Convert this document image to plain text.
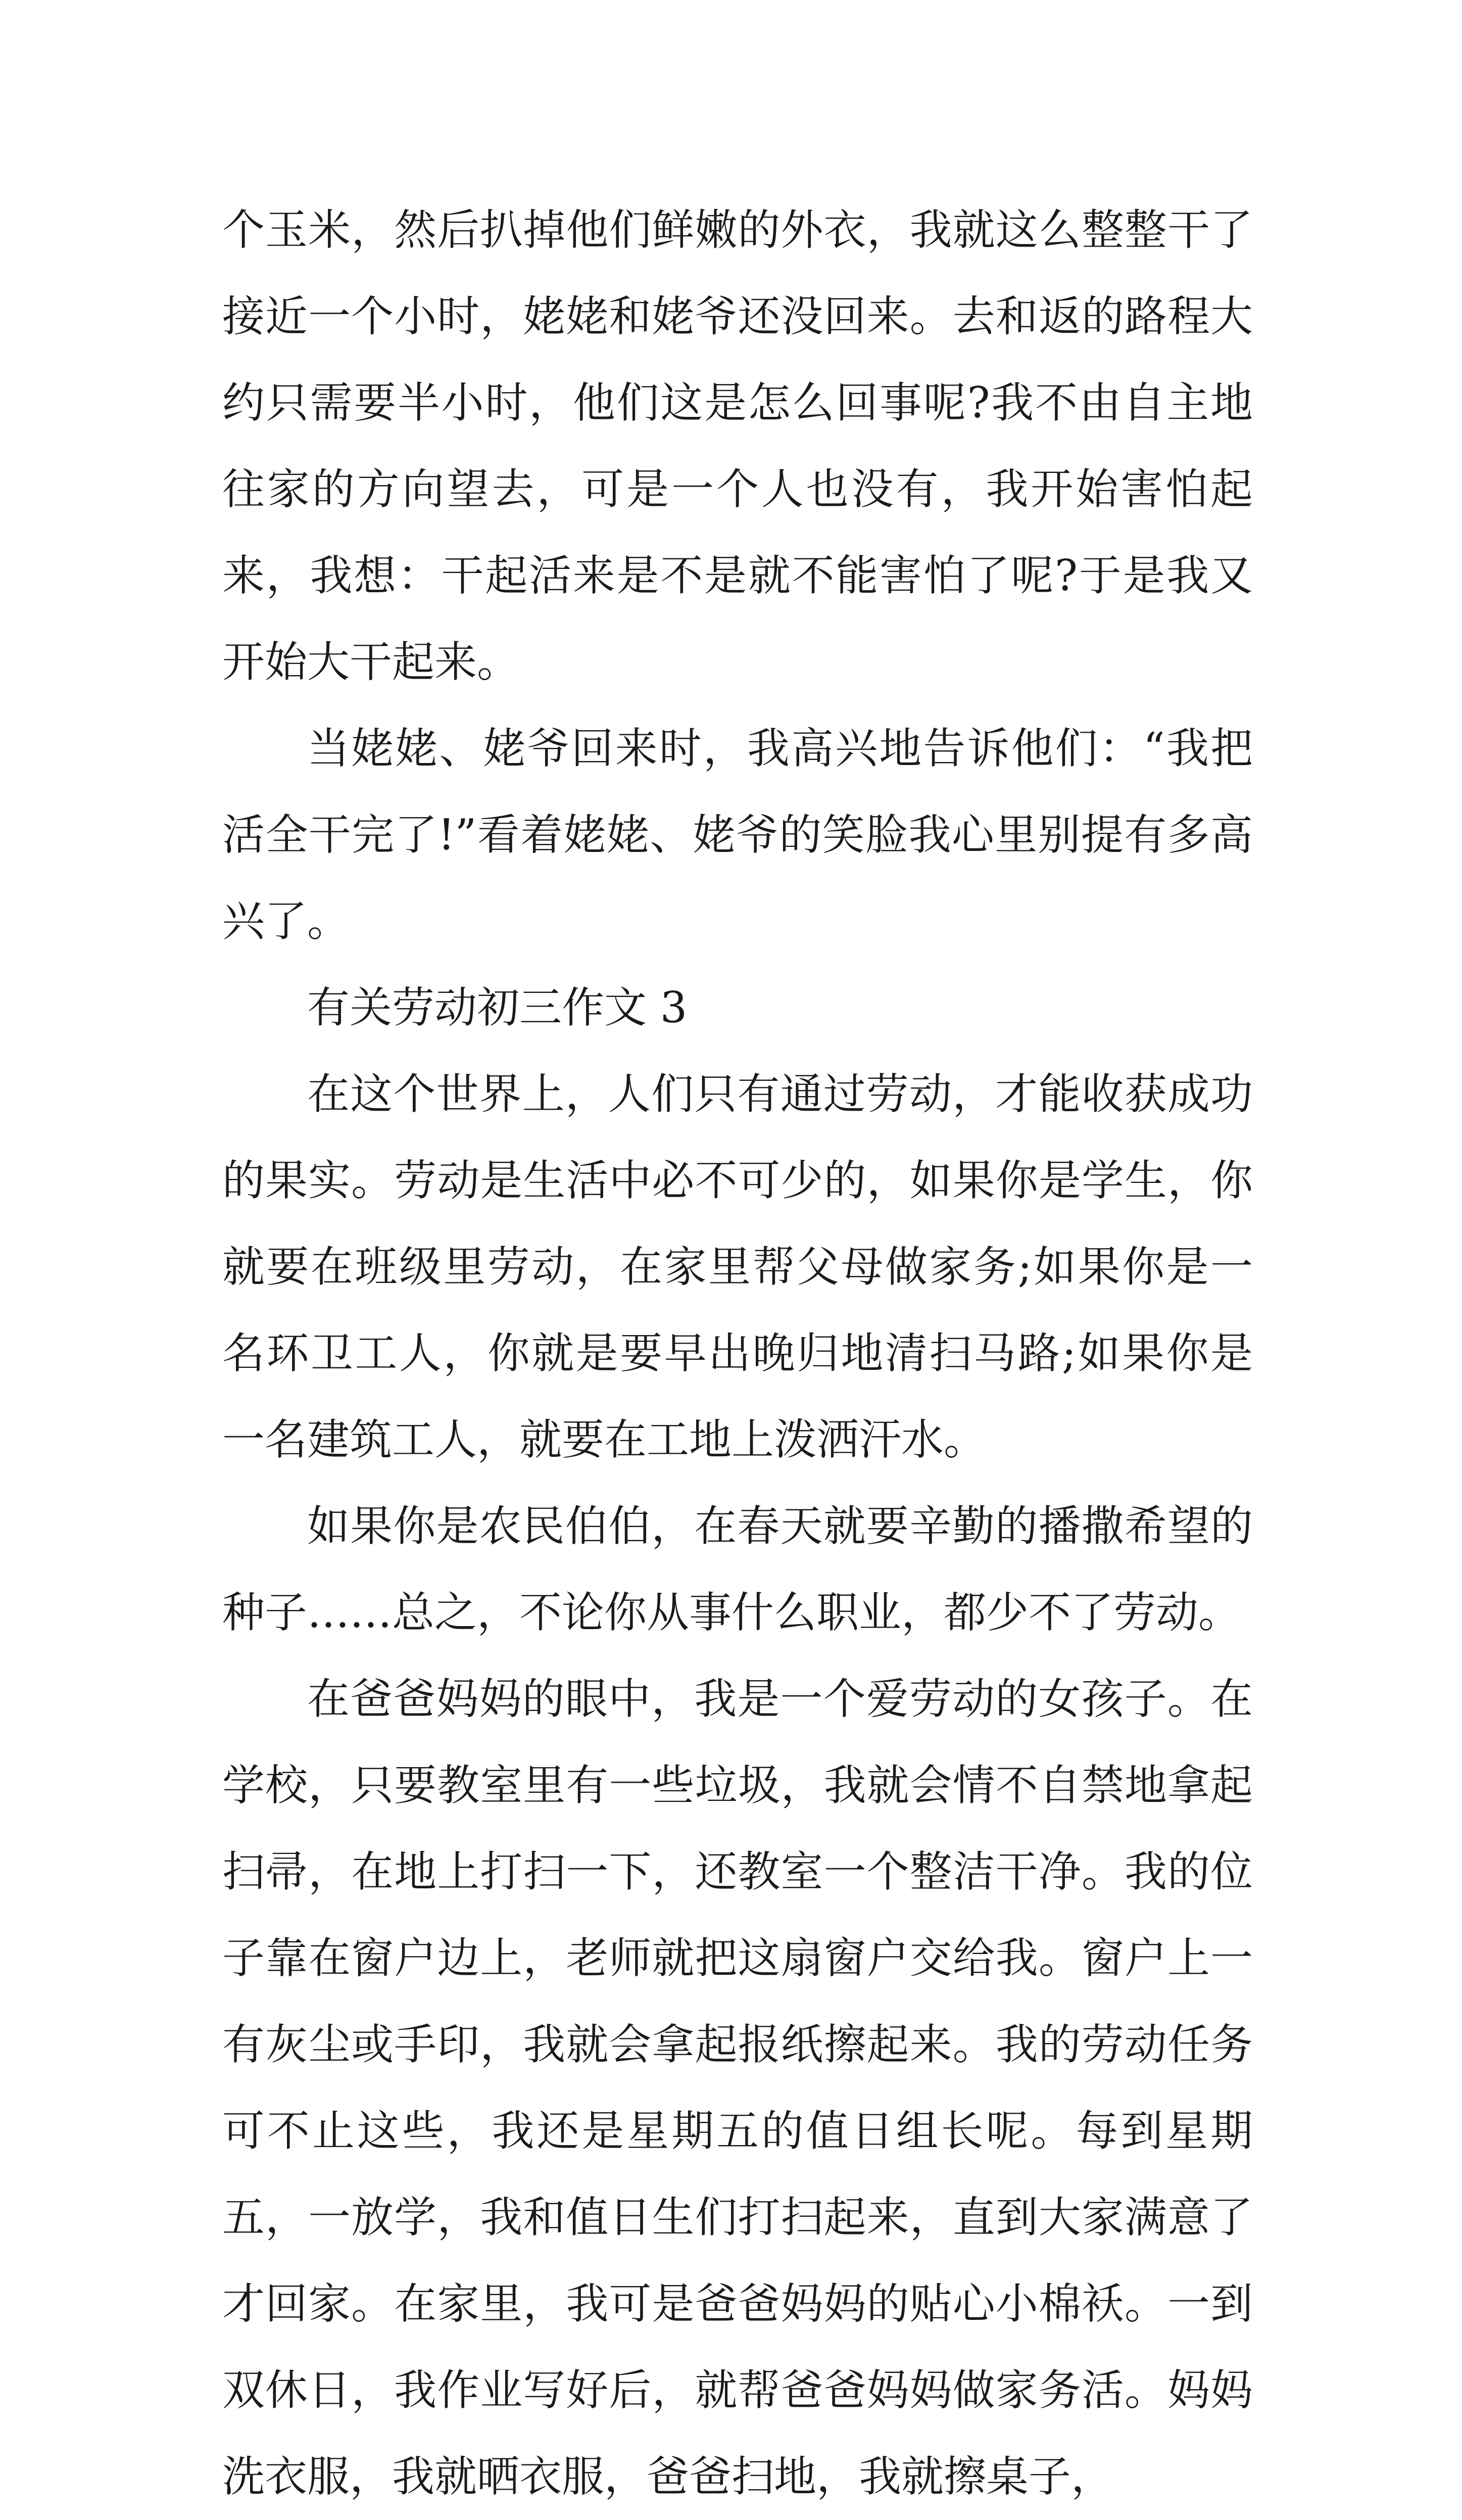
个玉米，然后扒掉他们鲜嫩的外衣，我就这么整整干了接近一个小时，姥姥和姥爷还没回来。去和返的路程大约只需要半小时，他们这是怎么回事呢?我不由自主地往家的方向望去，可是一个人也没有，我开始害怕起来，我想：干起活来是不是就不能害怕了呢?于是我又开始大干起来。

当姥姥、姥爷回来时，我高兴地告诉他们：“我把活全干完了!”看着姥姥、姥爷的笑脸我心里别提有多高兴了。

有关劳动初三作文 3

在这个世界上，人们只有通过劳动，才能收获成功的果实。劳动是生活中必不可少的，如果你是学生，你就要在班级里劳动，在家里帮父母做家务;如果你是一名环卫工人，你就是要早出晚归地清扫马路;如果你是一名建筑工人，就要在工地上泼洒汗水。

如果你是农民伯伯，在春天就要辛勤的播撒希望的种子……总之，不论你从事什么职业，都少不了劳动。

在爸爸妈妈的眼中，我是一个爱劳动的女孩子。在学校，只要教室里有一些垃圾，我就会情不自禁地拿起扫帚，在地上打扫一下，还教室一个整洁干净。我的位子靠在窗户边上，老师就把这扇窗户交给我。窗户上一有灰尘或手印，我就会拿起报纸擦起来。我的劳动任务可不止这些，我还是星期五的值日组长呢。每到星期五，一放学，我和值日生们打扫起来，直到大家满意了才回家。在家里，我可是爸爸妈妈的贴心小棉袄。一到双休日，我作业写好后，就帮爸爸妈妈做家务活。妈妈洗衣服，我就晒衣服，爸爸扫地，我就擦桌子，
